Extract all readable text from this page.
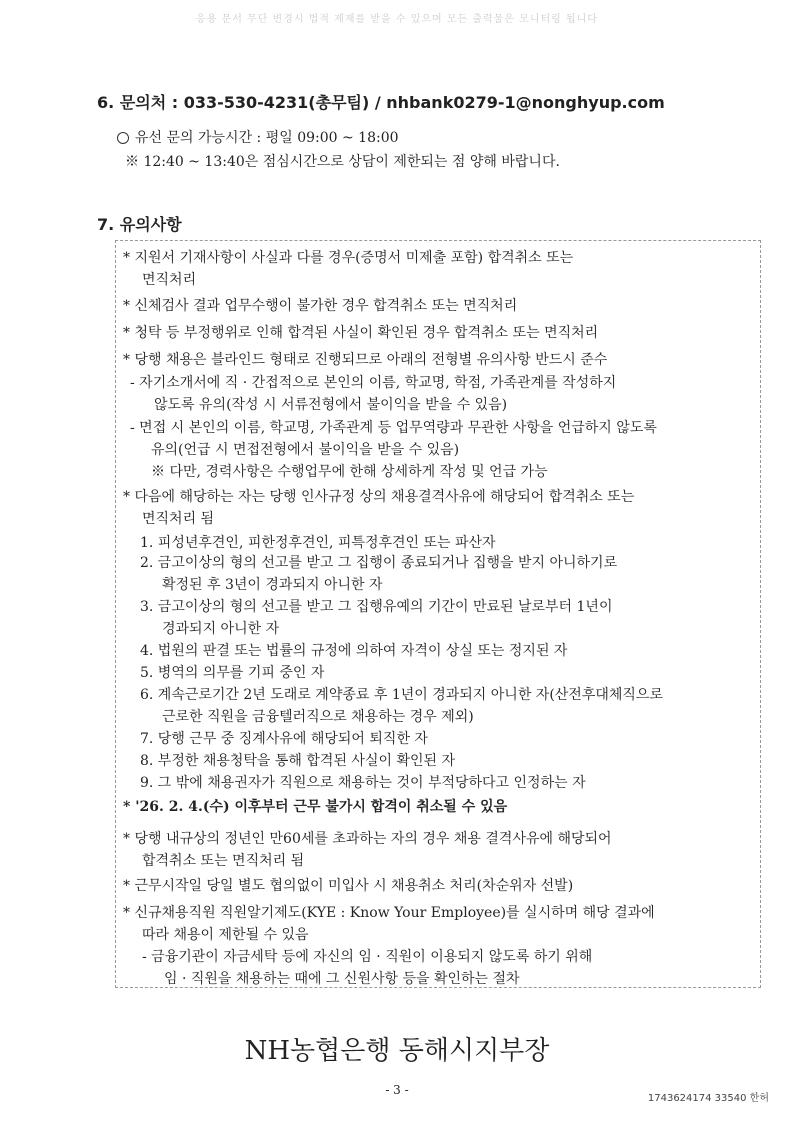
응용 문서 무단 변경시 법적 제재를 받을 수 있으며 모든 출력물은 모니터링 됩니다
6. 문의처 : 033-530-4231(총무팀) / nhbank0279-1@nonghyup.com
유선 문의 가능시간 : 평일 09:00 ~ 18:00
※ 12:40 ~ 13:40은 점심시간으로 상담이 제한되는 점 양해 바랍니다.
7. 유의사항
* 지원서 기재사항이 사실과 다를 경우(증명서 미제출 포함) 합격취소 또는
면직처리
* 신체검사 결과 업무수행이 불가한 경우 합격취소 또는 면직처리
* 청탁 등 부정행위로 인해 합격된 사실이 확인된 경우 합격취소 또는 면직처리
* 당행 채용은 블라인드 형태로 진행되므로 아래의 전형별 유의사항 반드시 준수
- 자기소개서에 직 · 간접적으로 본인의 이름, 학교명, 학점, 가족관계를 작성하지
않도록 유의(작성 시 서류전형에서 불이익을 받을 수 있음)
- 면접 시 본인의 이름, 학교명, 가족관계 등 업무역량과 무관한 사항을 언급하지 않도록
유의(언급 시 면접전형에서 불이익을 받을 수 있음)
※ 다만, 경력사항은 수행업무에 한해 상세하게 작성 및 언급 가능
* 다음에 해당하는 자는 당행 인사규정 상의 채용결격사유에 해당되어 합격취소 또는
면직처리 됨
1. 피성년후견인, 피한정후견인, 피특정후견인 또는 파산자
2. 금고이상의 형의 선고를 받고 그 집행이 종료되거나 집행을 받지 아니하기로
확정된 후 3년이 경과되지 아니한 자
3. 금고이상의 형의 선고를 받고 그 집행유예의 기간이 만료된 날로부터 1년이
경과되지 아니한 자
4. 법원의 판결 또는 법률의 규정에 의하여 자격이 상실 또는 정지된 자
5. 병역의 의무를 기피 중인 자
6. 계속근로기간 2년 도래로 계약종료 후 1년이 경과되지 아니한 자(산전후대체직으로
근로한 직원을 금융텔러직으로 채용하는 경우 제외)
7. 당행 근무 중 징계사유에 해당되어 퇴직한 자
8. 부정한 채용청탁을 통해 합격된 사실이 확인된 자
9. 그 밖에 채용권자가 직원으로 채용하는 것이 부적당하다고 인정하는 자
* '26. 2. 4.(수) 이후부터 근무 불가시 합격이 취소될 수 있음
* 당행 내규상의 정년인 만60세를 초과하는 자의 경우 채용 결격사유에 해당되어
합격취소 또는 면직처리 됨
* 근무시작일 당일 별도 협의없이 미입사 시 채용취소 처리(차순위자 선발)
* 신규채용직원 직원알기제도(KYE : Know Your Employee)를 실시하며 해당 결과에
따라 채용이 제한될 수 있음
- 금융기관이 자금세탁 등에 자신의 임 · 직원이 이용되지 않도록 하기 위해
임 · 직원을 채용하는 때에 그 신원사항 등을 확인하는 절차
NH농협은행 동해시지부장
- 3 -
1743624174 33540 한허
